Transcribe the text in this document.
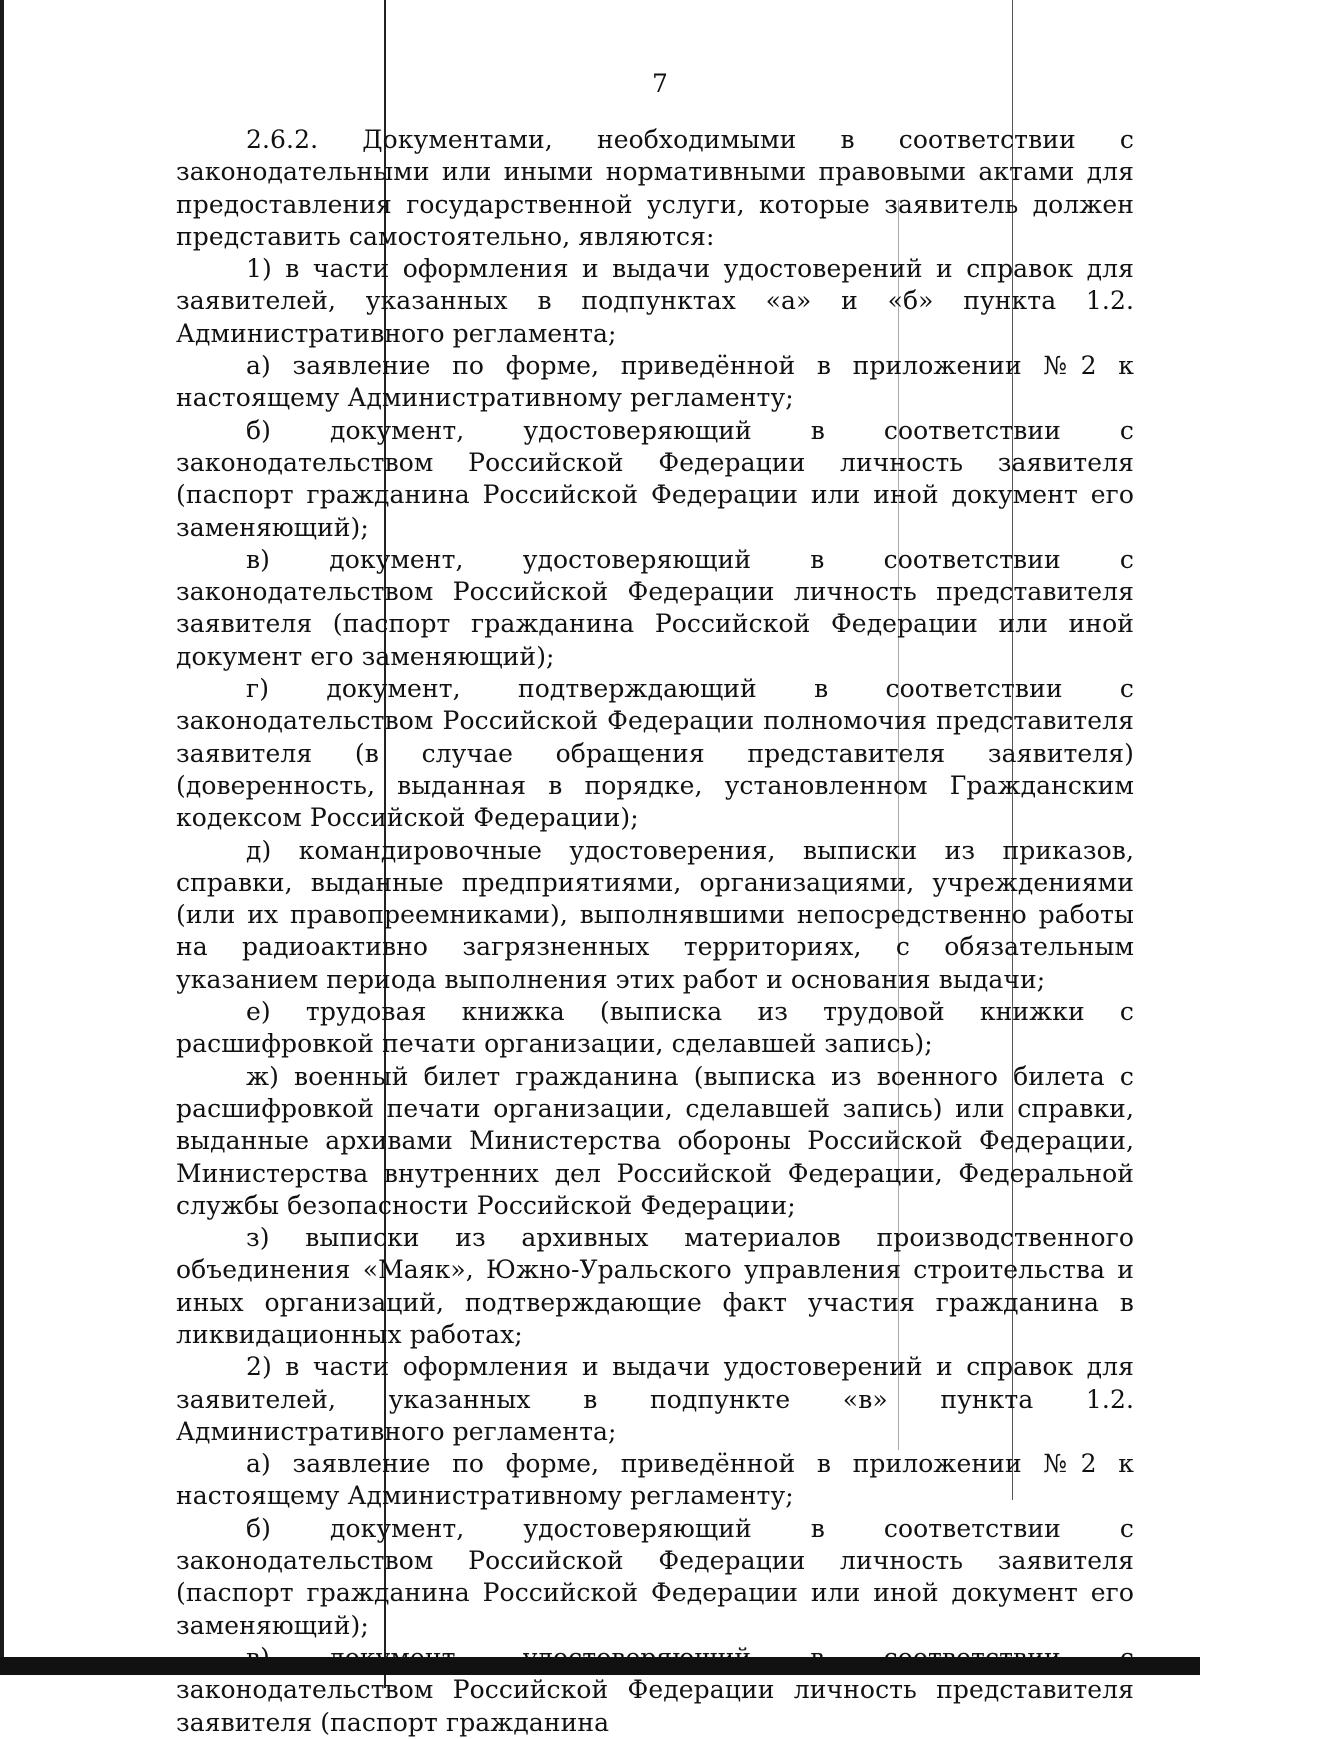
7

2.6.2. Документами, необходимыми в соответствии с законодательными или иными нормативными правовыми актами для предоставления государственной услуги, которые заявитель должен представить самостоятельно, являются:

1) в части оформления и выдачи удостоверений и справок для заявителей, указанных в подпунктах «а» и «б» пункта 1.2. Административного регламента;

а) заявление по форме, приведённой в приложении №2 к настоящему Административному регламенту;

б) документ, удостоверяющий в соответствии с законодательством Российской Федерации личность заявителя (паспорт гражданина Российской Федерации или иной документ его заменяющий);

в) документ, удостоверяющий в соответствии с законодательством Российской Федерации личность представителя заявителя (паспорт гражданина Российской Федерации или иной документ его заменяющий);

г) документ, подтверждающий в соответствии с законодательством Российской Федерации полномочия представителя заявителя (в случае обращения представителя заявителя) (доверенность, выданная в порядке, установленном Гражданским кодексом Российской Федерации);

д) командировочные удостоверения, выписки из приказов, справки, выданные предприятиями, организациями, учреждениями (или их правопреемниками), выполнявшими непосредственно работы на радиоактивно загрязненных территориях, с обязательным указанием периода выполнения этих работ и основания выдачи;

е) трудовая книжка (выписка из трудовой книжки с расшифровкой печати организации, сделавшей запись);

ж) военный билет гражданина (выписка из военного билета с расшифровкой печати организации, сделавшей запись) или справки, выданные архивами Министерства обороны Российской Федерации, Министерства внутренних дел Российской Федерации, Федеральной службы безопасности Российской Федерации;

з) выписки из архивных материалов производственного объединения «Маяк», Южно-Уральского управления строительства и иных организаций, подтверждающие факт участия гражданина в ликвидационных работах;

2) в части оформления и выдачи удостоверений и справок для заявителей, указанных в подпункте «в» пункта 1.2. Административного регламента;

а) заявление по форме, приведённой в приложении №2 к настоящему Административному регламенту;

б) документ, удостоверяющий в соответствии с законодательством Российской Федерации личность заявителя (паспорт гражданина Российской Федерации или иной документ его заменяющий);

законодательством Российской Федерации личность представителя заявителя (паспорт гражданина
